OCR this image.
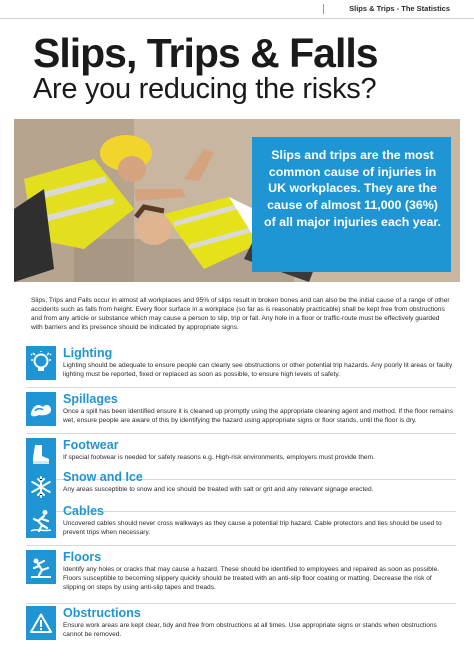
Slips & Trips - The Statistics
Slips, Trips & Falls
Are you reducing the risks?

Slips and trips are the most common cause of injuries in UK workplaces. They are the cause of almost 11,000 (36%) of all major injuries each year.

Slips, Trips and Falls occur in almost all workplaces and 95% of slips result in broken bones and can also be the initial cause of a range of other accidents such as falls from height. Every floor surface in a workplace (so far as is reasonably practicable) shall be kept free from obstructions and from any article or substance which may cause a person to slip, trip or fall. Any hole in a floor or traffic-route must be effectively guarded with barriers and its presence should be indicated by appropriate signs.

Lighting

Lighting should be adequate to ensure people can clearly see obstructions or other potential trip hazards. Any poorly lit areas or faulty lighting must be reported, fixed or replaced as soon as possible, to ensure high levels of safety.

Spillages

Once a spill has been identified ensure it is cleaned up promptly using the appropriate cleaning agent and method. If the floor remains wet, ensure people are aware of this by identifying the hazard using appropriate signs or floor stands, until the floor is dry.

Footwear

If special footwear is needed for safety reasons e.g. High-risk environments, employers must provide them.

Snow and Ice

Any areas susceptible to snow and ice should be treated with salt or grit and any relevant signage erected.

Cables

Uncovered cables should never cross walkways as they cause a potential trip hazard. Cable protectors and ties should be used to prevent trips when necessary.

Floors

Identify any holes or cracks that may cause a hazard. These should be identified to employees and repaired as soon as possible. Floors susceptible to becoming slippery quickly should be treated with an anti-slip floor coating or matting. Decrease the risk of slipping on steps by using anti-slip tapes and treads.

Obstructions

Ensure work areas are kept clear, tidy and free from obstructions at all times. Use appropriate signs or stands when obstructions cannot be removed.
